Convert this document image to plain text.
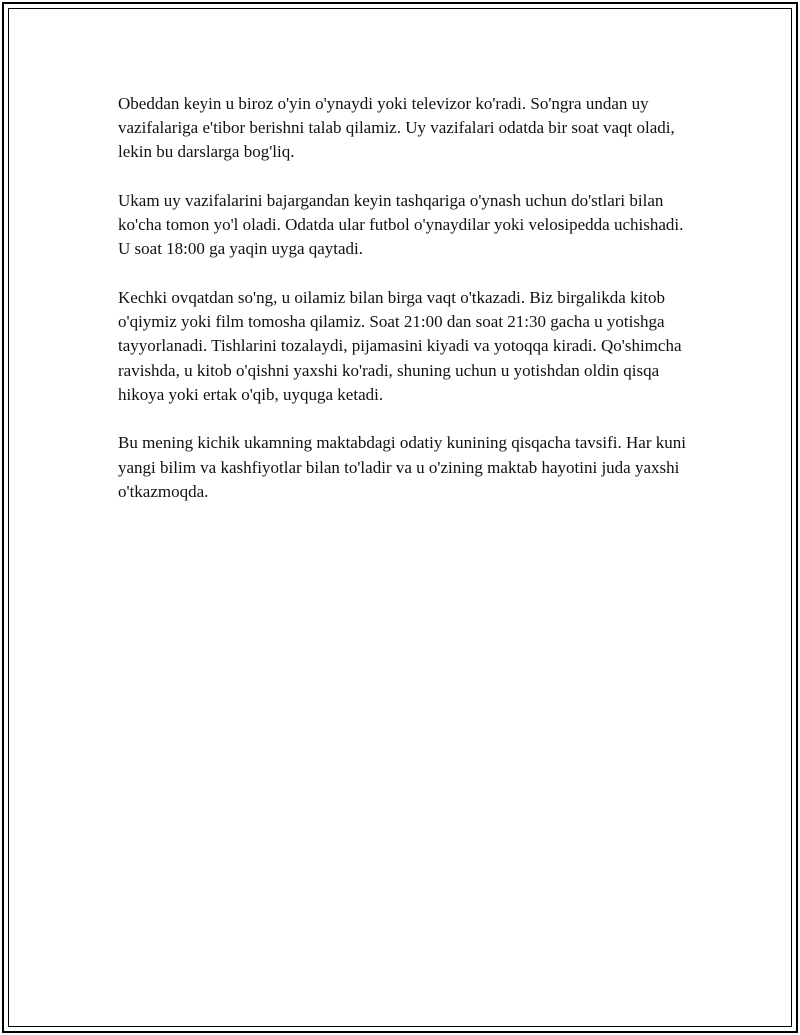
Obeddan keyin u biroz o'yin o'ynaydi yoki televizor ko'radi. So'ngra undan uy vazifalariga e'tibor berishni talab qilamiz. Uy vazifalari odatda bir soat vaqt oladi, lekin bu darslarga bog'liq.

Ukam uy vazifalarini bajargandan keyin tashqariga o'ynash uchun do'stlari bilan ko'cha tomon yo'l oladi. Odatda ular futbol o'ynaydilar yoki velosipedda uchishadi. U soat 18:00 ga yaqin uyga qaytadi.

Kechki ovqatdan so'ng, u oilamiz bilan birga vaqt o'tkazadi. Biz birgalikda kitob o'qiymiz yoki film tomosha qilamiz. Soat 21:00 dan soat 21:30 gacha u yotishga tayyorlanadi. Tishlarini tozalaydi, pijamasini kiyadi va yotoqqa kiradi. Qo'shimcha ravishda, u kitob o'qishni yaxshi ko'radi, shuning uchun u yotishdan oldin qisqa hikoya yoki ertak o'qib, uyquga ketadi.

Bu mening kichik ukamning maktabdagi odatiy kunining qisqacha tavsifi. Har kuni yangi bilim va kashfiyotlar bilan to'ladir va u o'zining maktab hayotini juda yaxshi o'tkazmoqda.
